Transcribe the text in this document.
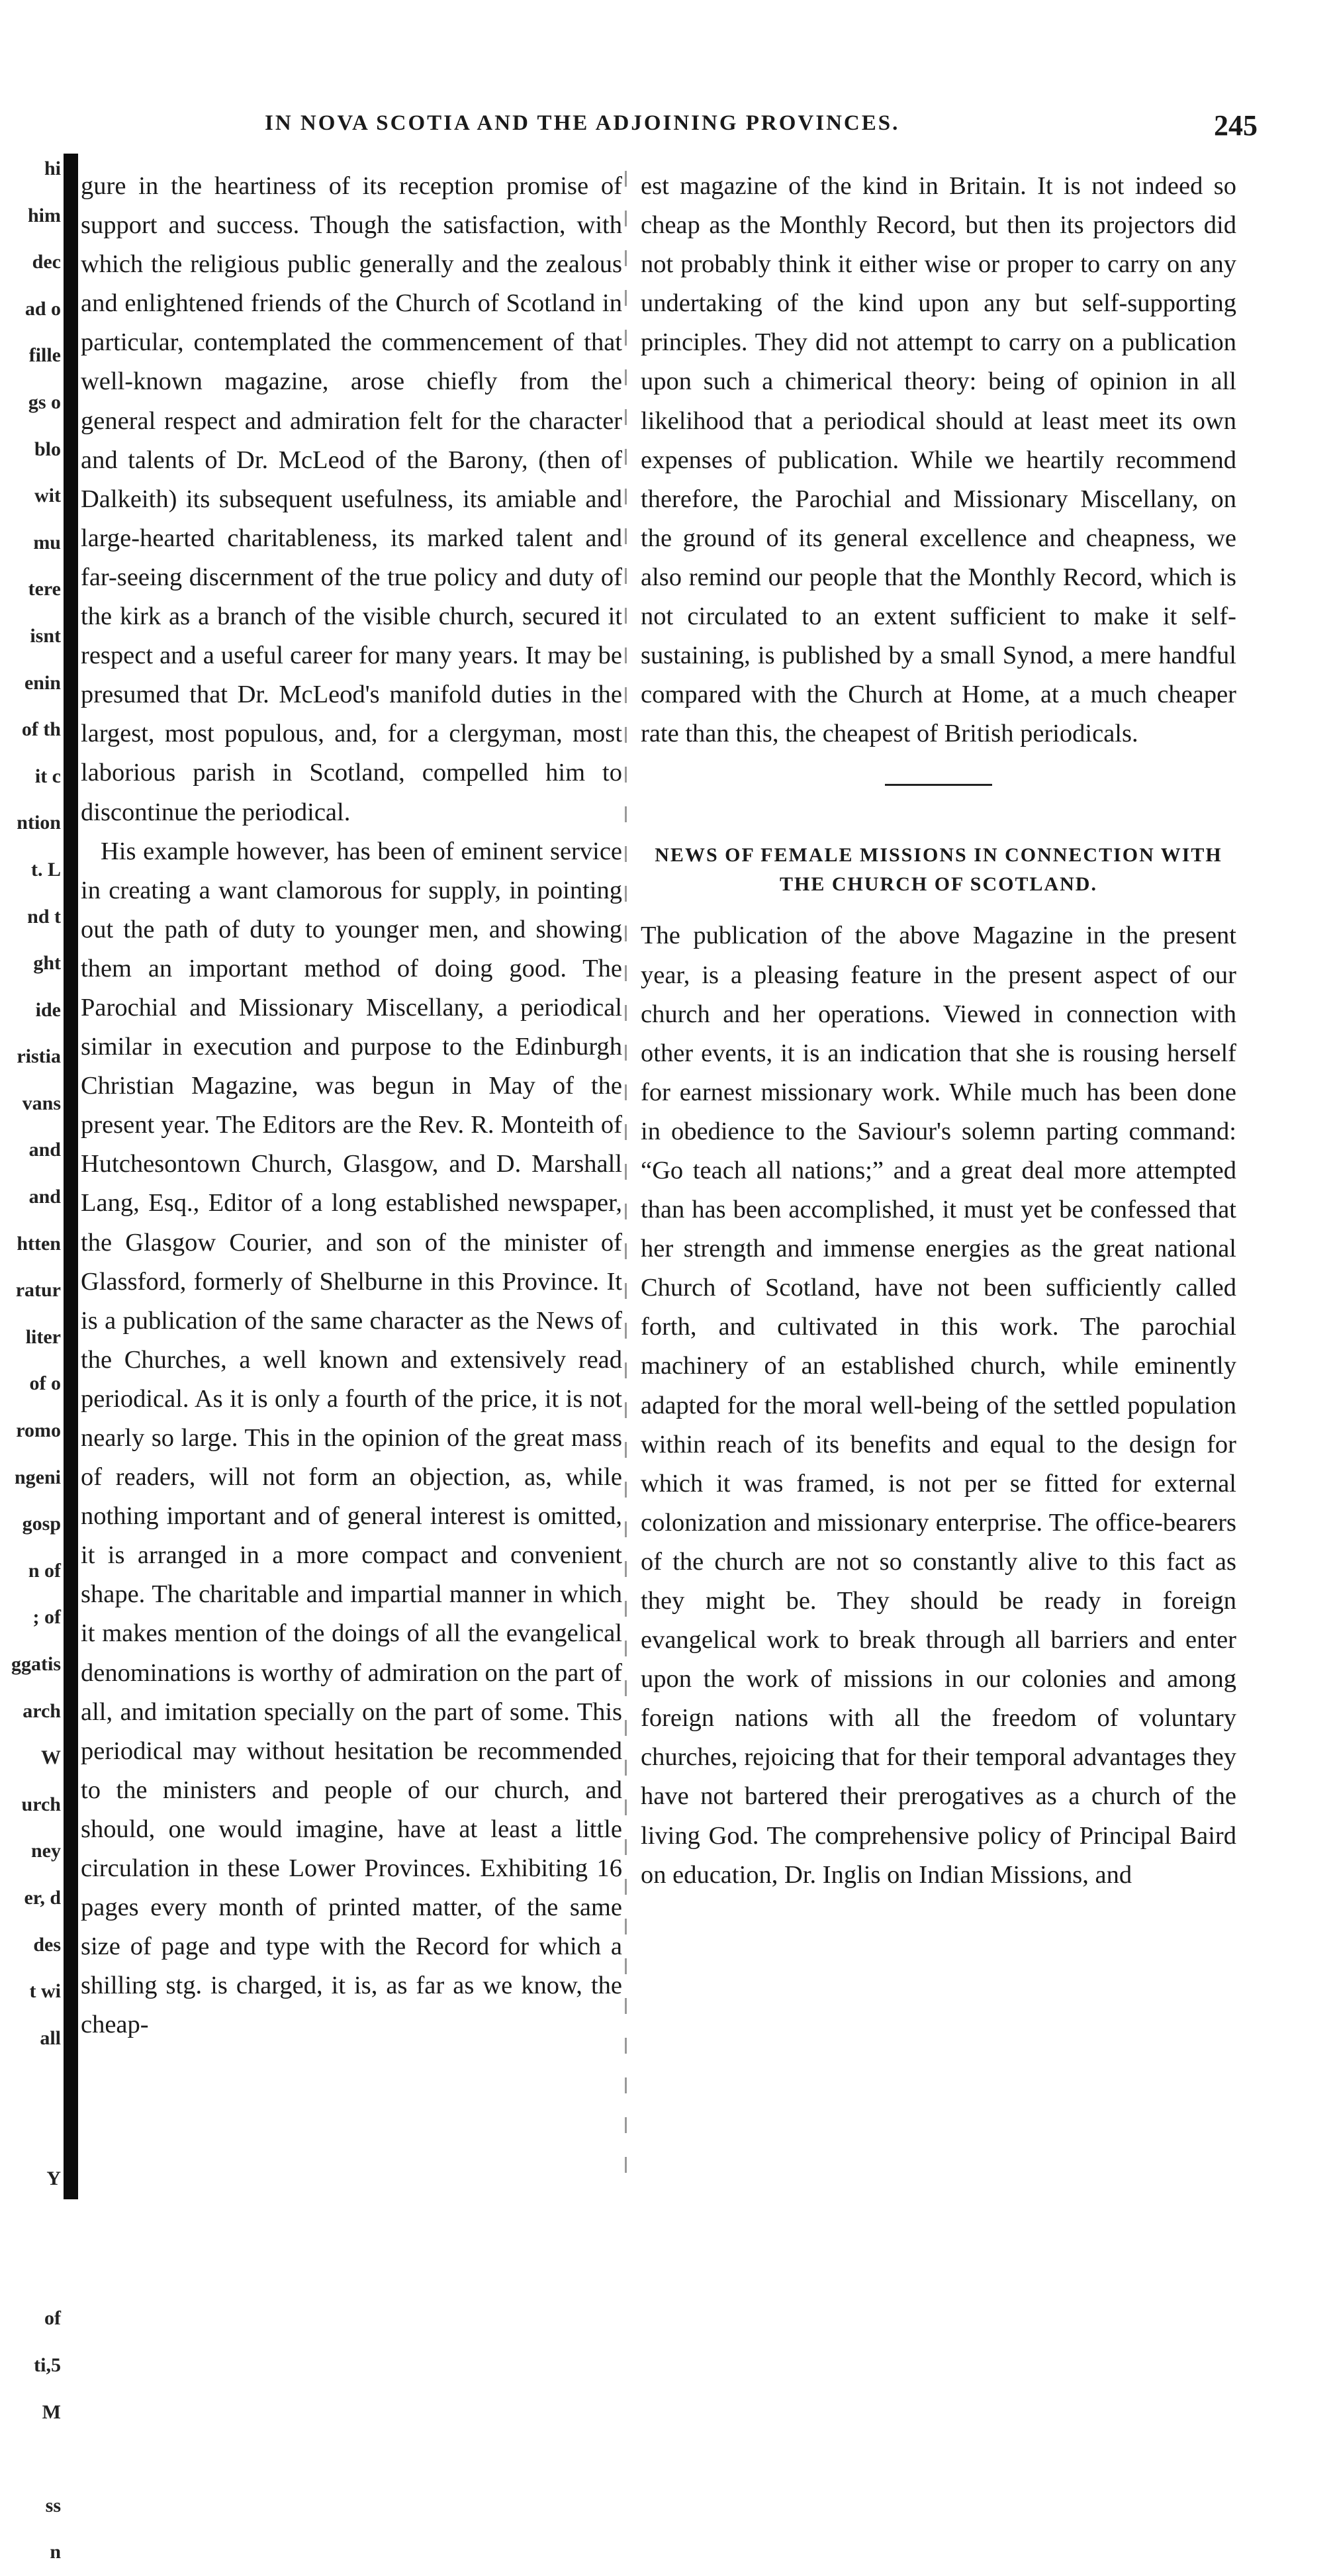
hi
him
dec
ad o
fille
gs o
blo
wit
mu
tere
isnt
enin
of th
it c
ntion
t. L
nd t
ght
ide
ristia
vans
and
and
htten
ratur
liter
of o
romo
ngeni
gosp
n of
; of
ggatis
arch
W
urch
ney
er, d
des
t wi
all

Y

of
ti,5
M

ss
n
IN NOVA SCOTIA AND THE ADJOINING PROVINCES.	245

gure in the heartiness of its reception promise of support and success. Though the satisfaction, with which the religious public generally and the zealous and enlightened friends of the Church of Scotland in particular, contemplated the commencement of that well-known magazine, arose chiefly from the general respect and admiration felt for the character and talents of Dr. McLeod of the Barony, (then of Dalkeith) its subsequent usefulness, its amiable and large-hearted charitableness, its marked talent and far-seeing discernment of the true policy and duty of the kirk as a branch of the visible church, secured it respect and a useful career for many years. It may be presumed that Dr. McLeod's manifold duties in the largest, most populous, and, for a clergyman, most laborious parish in Scotland, compelled him to discontinue the periodical.

His example however, has been of eminent service in creating a want clamorous for supply, in pointing out the path of duty to younger men, and showing them an important method of doing good. The Parochial and Missionary Miscellany, a periodical similar in execution and purpose to the Edinburgh Christian Magazine, was begun in May of the present year. The Editors are the Rev. R. Monteith of Hutchesontown Church, Glasgow, and D. Marshall Lang, Esq., Editor of a long established newspaper, the Glasgow Courier, and son of the minister of Glassford, formerly of Shelburne in this Province. It is a publication of the same character as the News of the Churches, a well known and extensively read periodical. As it is only a fourth of the price, it is not nearly so large. This in the opinion of the great mass of readers, will not form an objection, as, while nothing important and of general interest is omitted, it is arranged in a more compact and convenient shape. The charitable and impartial manner in which it makes mention of the doings of all the evangelical denominations is worthy of admiration on the part of all, and imitation specially on the part of some. This periodical may without hesitation be recommended to the ministers and people of our church, and should, one would imagine, have at least a little circulation in these Lower Provinces. Exhibiting 16 pages every month of printed matter, of the same size of page and type with the Record for which a shilling stg. is charged, it is, as far as we know, the cheap-

est magazine of the kind in Britain. It is not indeed so cheap as the Monthly Record, but then its projectors did not probably think it either wise or proper to carry on any undertaking of the kind upon any but self-supporting principles. They did not attempt to carry on a publication upon such a chimerical theory: being of opinion in all likelihood that a periodical should at least meet its own expenses of publication. While we heartily recommend therefore, the Parochial and Missionary Miscellany, on the ground of its general excellence and cheapness, we also remind our people that the Monthly Record, which is not circulated to an extent sufficient to make it self-sustaining, is published by a small Synod, a mere handful compared with the Church at Home, at a much cheaper rate than this, the cheapest of British periodicals.

NEWS OF FEMALE MISSIONS IN CONNECTION WITH THE CHURCH OF SCOTLAND.

The publication of the above Magazine in the present year, is a pleasing feature in the present aspect of our church and her operations. Viewed in connection with other events, it is an indication that she is rousing herself for earnest missionary work. While much has been done in obedience to the Saviour's solemn parting command: “Go teach all nations;” and a great deal more attempted than has been accomplished, it must yet be confessed that her strength and immense energies as the great national Church of Scotland, have not been sufficiently called forth, and cultivated in this work. The parochial machinery of an established church, while eminently adapted for the moral well-being of the settled population within reach of its benefits and equal to the design for which it was framed, is not per se fitted for external colonization and missionary enterprise. The office-bearers of the church are not so constantly alive to this fact as they might be. They should be ready in foreign evangelical work to break through all barriers and enter upon the work of missions in our colonies and among foreign nations with all the freedom of voluntary churches, rejoicing that for their temporal advantages they have not bartered their prerogatives as a church of the living God. The comprehensive policy of Principal Baird on education, Dr. Inglis on Indian Missions, and
